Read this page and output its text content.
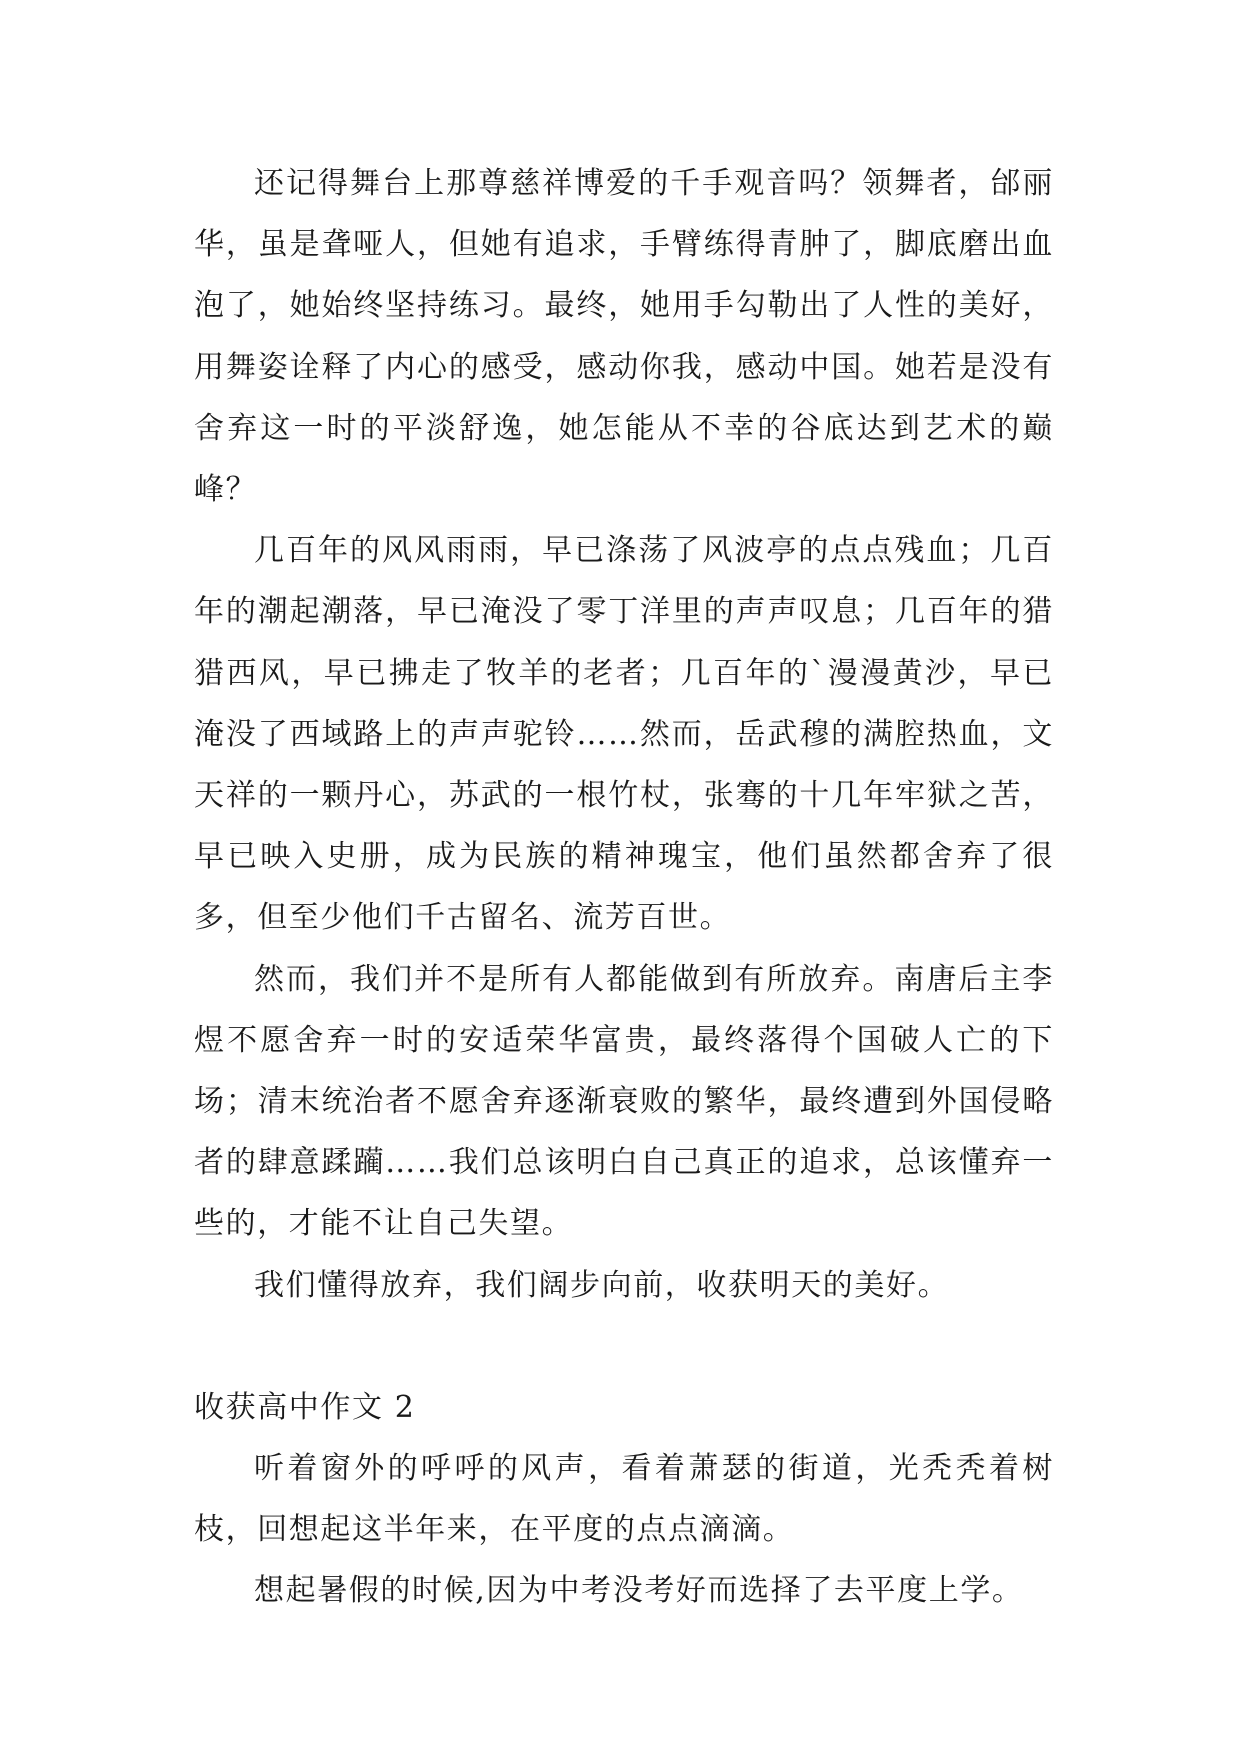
还记得舞台上那尊慈祥博爱的千手观音吗？领舞者，邰丽华，虽是聋哑人，但她有追求，手臂练得青肿了，脚底磨出血泡了，她始终坚持练习。最终，她用手勾勒出了人性的美好，用舞姿诠释了内心的感受，感动你我，感动中国。她若是没有舍弃这一时的平淡舒逸，她怎能从不幸的谷底达到艺术的巅峰？

几百年的风风雨雨，早已涤荡了风波亭的点点残血；几百年的潮起潮落，早已淹没了零丁洋里的声声叹息；几百年的猎猎西风，早已拂走了牧羊的老者；几百年的`漫漫黄沙，早已淹没了西域路上的声声驼铃……然而，岳武穆的满腔热血，文天祥的一颗丹心，苏武的一根竹杖，张骞的十几年牢狱之苦，早已映入史册，成为民族的精神瑰宝，他们虽然都舍弃了很多，但至少他们千古留名、流芳百世。

然而，我们并不是所有人都能做到有所放弃。南唐后主李煜不愿舍弃一时的安适荣华富贵，最终落得个国破人亡的下场；清末统治者不愿舍弃逐渐衰败的繁华，最终遭到外国侵略者的肆意蹂躏……我们总该明白自己真正的追求，总该懂弃一些的，才能不让自己失望。

我们懂得放弃，我们阔步向前，收获明天的美好。

收获高中作文 2

听着窗外的呼呼的风声，看着萧瑟的街道，光秃秃着树枝，回想起这半年来，在平度的点点滴滴。

想起暑假的时候,因为中考没考好而选择了去平度上学。
